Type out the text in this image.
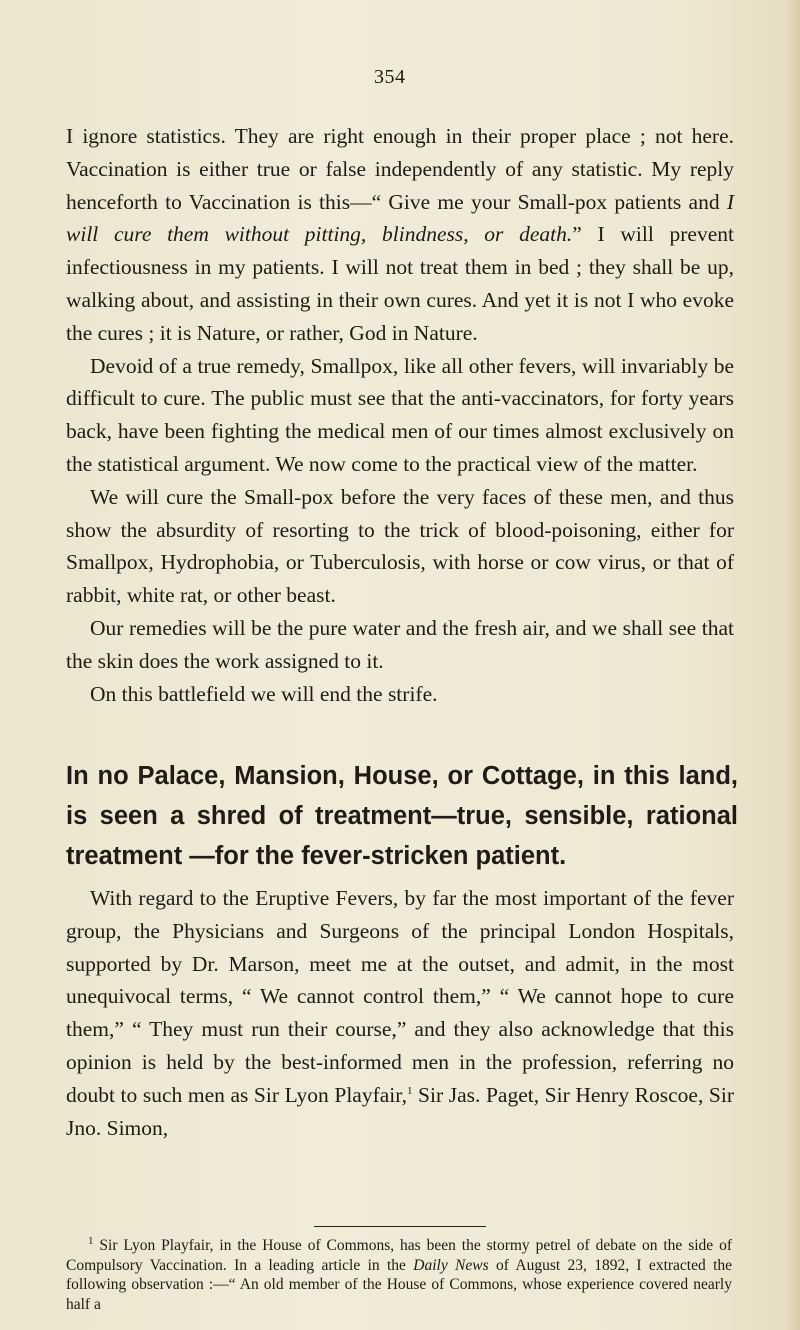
354

I ignore statistics. They are right enough in their proper place ; not here. Vaccination is either true or false independently of any statistic. My reply henceforth to Vaccination is this—“ Give me your Small-pox patients and I will cure them without pitting, blindness, or death.” I will prevent infectiousness in my patients. I will not treat them in bed ; they shall be up, walking about, and assisting in their own cures. And yet it is not I who evoke the cures ; it is Nature, or rather, God in Nature.

Devoid of a true remedy, Smallpox, like all other fevers, will invariably be difficult to cure. The public must see that the anti-vaccinators, for forty years back, have been fighting the medical men of our times almost exclusively on the statistical argument. We now come to the practical view of the matter.

We will cure the Small-pox before the very faces of these men, and thus show the absurdity of resorting to the trick of blood-poisoning, either for Smallpox, Hydrophobia, or Tuberculosis, with horse or cow virus, or that of rabbit, white rat, or other beast.

Our remedies will be the pure water and the fresh air, and we shall see that the skin does the work assigned to it.

On this battlefield we will end the strife.

In no Palace, Mansion, House, or Cottage, in this land, is seen a shred of treatment—true, sensible, rational treatment —for the fever-stricken patient.

With regard to the Eruptive Fevers, by far the most important of the fever group, the Physicians and Surgeons of the principal London Hospitals, supported by Dr. Marson, meet me at the outset, and admit, in the most unequivocal terms, “ We cannot control them,” “ We cannot hope to cure them,” “ They must run their course,” and they also acknowledge that this opinion is held by the best-informed men in the profession, referring no doubt to such men as Sir Lyon Playfair,$^1$ Sir Jas. Paget, Sir Henry Roscoe, Sir Jno. Simon,

$^1$ Sir Lyon Playfair, in the House of Commons, has been the stormy petrel of debate on the side of Compulsory Vaccination. In a leading article in the Daily News of August 23, 1892, I extracted the following observation :—“ An old member of the House of Commons, whose experience covered nearly half a
